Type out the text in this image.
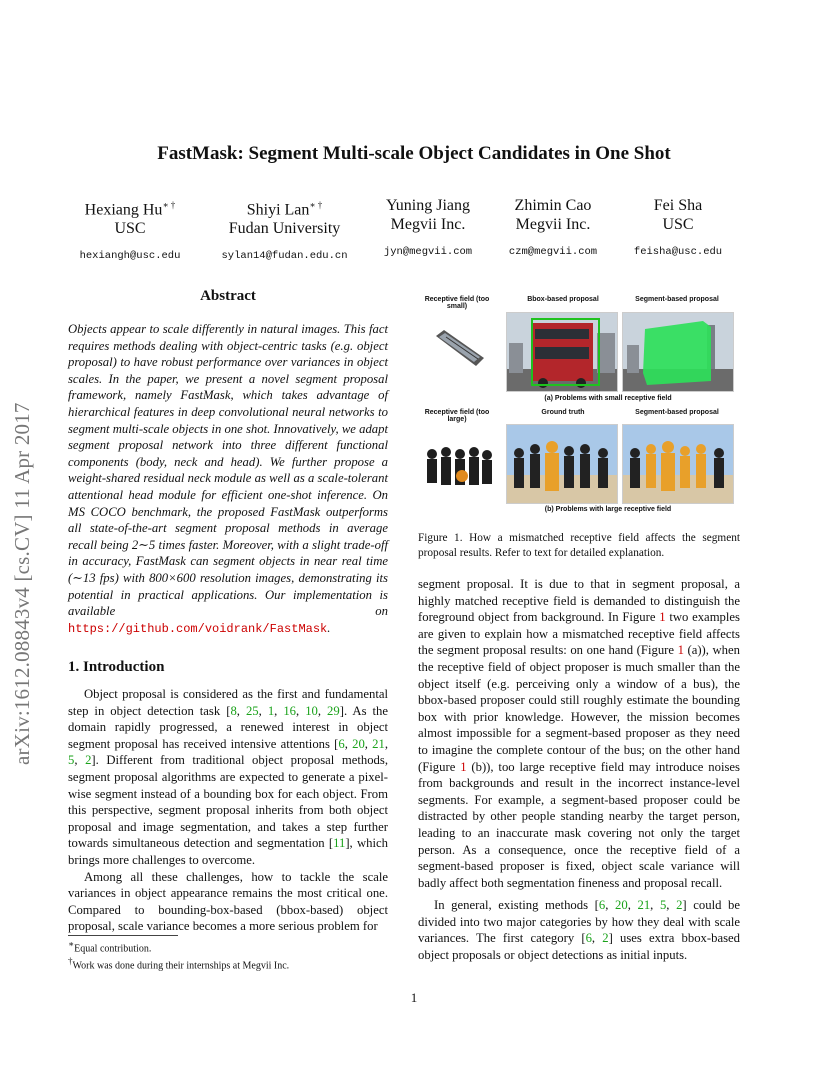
arXiv:1612.08843v4 [cs.CV] 11 Apr 2017
FastMask: Segment Multi-scale Object Candidates in One Shot
Hexiang Hu∗ †
USC
hexiangh@usc.edu
Shiyi Lan∗ †
Fudan University
sylan14@fudan.edu.cn
Yuning Jiang
Megvii Inc.
jyn@megvii.com
Zhimin Cao
Megvii Inc.
czm@megvii.com
Fei Sha
USC
feisha@usc.edu
Abstract
Objects appear to scale differently in natural images. This fact requires methods dealing with object-centric tasks (e.g. object proposal) to have robust performance over variances in object scales. In the paper, we present a novel segment proposal framework, namely FastMask, which takes advantage of hierarchical features in deep convolutional neural networks to segment multi-scale objects in one shot. Innovatively, we adapt segment proposal network into three different functional components (body, neck and head). We further propose a weight-shared residual neck module as well as a scale-tolerant attentional head module for efficient one-shot inference. On MS COCO benchmark, the proposed FastMask outperforms all state-of-the-art segment proposal methods in average recall being 2∼5 times faster. Moreover, with a slight trade-off in accuracy, FastMask can segment objects in near real time (∼13 fps) with 800×600 resolution images, demonstrating its potential in practical applications. Our implementation is available on https://github.com/voidrank/FastMask.
1. Introduction

Object proposal is considered as the first and fundamental step in object detection task [8, 25, 1, 16, 10, 29]. As the domain rapidly progressed, a renewed interest in object segment proposal has received intensive attentions [6, 20, 21, 5, 2]. Different from traditional object proposal methods, segment proposal algorithms are expected to generate a pixel-wise segment instead of a bounding box for each object. From this perspective, segment proposal inherits from both object proposal and image segmentation, and takes a step further towards simultaneous detection and segmentation [11], which brings more challenges to overcome.

Among all these challenges, how to tackle the scale variances in object appearance remains the most critical one. Compared to bounding-box-based (bbox-based) object proposal, scale variance becomes a more serious problem for

∗Equal contribution.
†Work was done during their internships at Megvii Inc.
Receptive field (too small)
Bbox-based proposal	Segment-based proposal
(a) Problems with small receptive field
Receptive field (too large)
Ground truth	Segment-based proposal
(b) Problems with large receptive field
Figure 1. How a mismatched receptive field affects the segment proposal results. Refer to text for detailed explanation.

segment proposal. It is due to that in segment proposal, a highly matched receptive field is demanded to distinguish the foreground object from background. In Figure 1 two examples are given to explain how a mismatched receptive field affects the segment proposal results: on one hand (Figure 1 (a)), when the receptive field of object proposer is much smaller than the object itself (e.g. perceiving only a window of a bus), the bbox-based proposer could still roughly estimate the bounding box with prior knowledge. However, the mission becomes almost impossible for a segment-based proposer as they need to imagine the complete contour of the bus; on the other hand (Figure 1 (b)), too large receptive field may introduce noises from backgrounds and result in the incorrect instance-level segments. For example, a segment-based proposer could be distracted by other people standing nearby the target person, leading to an inaccurate mask covering not only the target person. As a consequence, once the receptive field of a segment-based proposer is fixed, object scale variance will badly affect both segmentation fineness and proposal recall.

In general, existing methods [6, 20, 21, 5, 2] could be divided into two major categories by how they deal with scale variances. The first category [6, 2] uses extra bbox-based object proposals or object detections as initial inputs.

1
